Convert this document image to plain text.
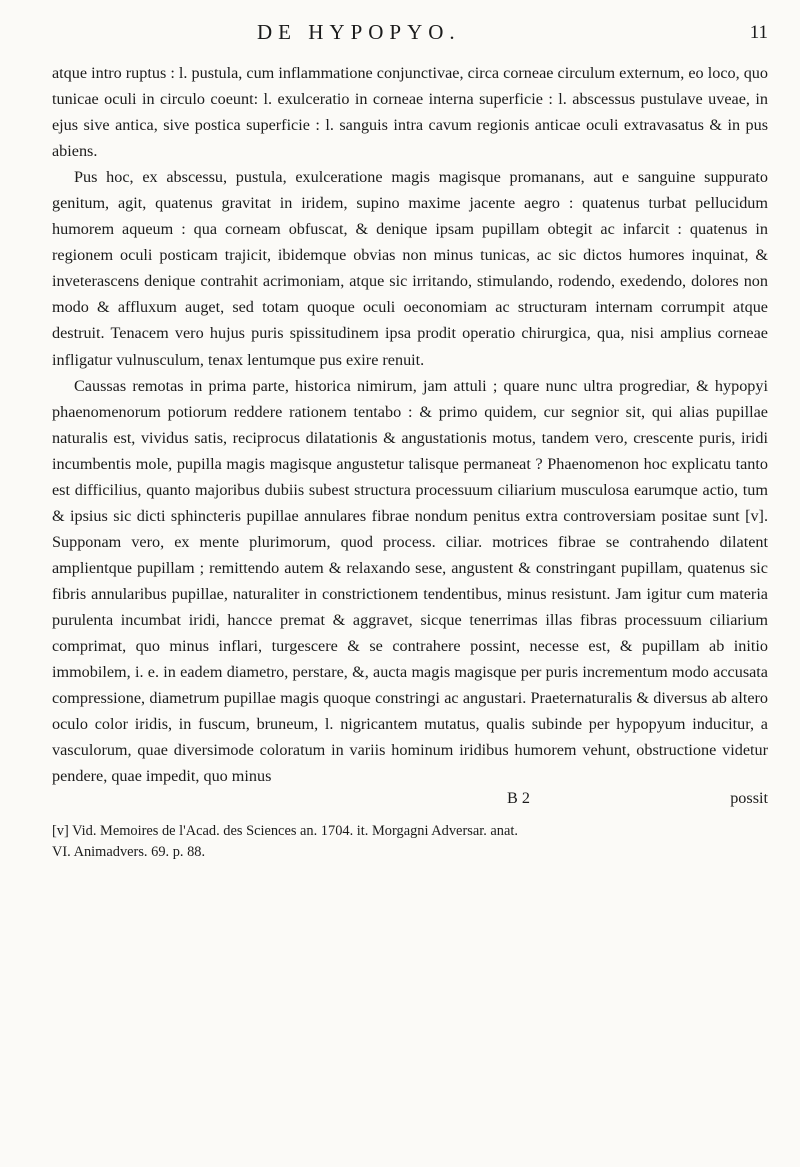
DE HYPOPYO.	11

atque intro ruptus : l. pustula, cum inflammatione conjunctivae, circa corneae circulum externum, eo loco, quo tunicae oculi in circulo coeunt: l. exulceratio in corneae interna superficie : l. abscessus pustulave uveae, in ejus sive antica, sive postica superficie : l. sanguis intra cavum regionis anticae oculi extravasatus & in pus abiens.

Pus hoc, ex abscessu, pustula, exulceratione magis magisque promanans, aut e sanguine suppurato genitum, agit, quatenus gravitat in iridem, supino maxime jacente aegro : quatenus turbat pellucidum humorem aqueum : qua corneam obfuscat, & denique ipsam pupillam obtegit ac infarcit : quatenus in regionem oculi posticam trajicit, ibidemque obvias non minus tunicas, ac sic dictos humores inquinat, & inveterascens denique contrahit acrimoniam, atque sic irritando, stimulando, rodendo, exedendo, dolores non modo & affluxum auget, sed totam quoque oculi oeconomiam ac structuram internam corrumpit atque destruit. Tenacem vero hujus puris spissitudinem ipsa prodit operatio chirurgica, qua, nisi amplius corneae infligatur vulnusculum, tenax lentumque pus exire renuit.

Caussas remotas in prima parte, historica nimirum, jam attuli ; quare nunc ultra progrediar, & hypopyi phaenomenorum potiorum reddere rationem tentabo : & primo quidem, cur segnior sit, qui alias pupillae naturalis est, vividus satis, reciprocus dilatationis & angustationis motus, tandem vero, crescente puris, iridi incumbentis mole, pupilla magis magisque angustetur talisque permaneat ? Phaenomenon hoc explicatu tanto est difficilius, quanto majoribus dubiis subest structura processuum ciliarium musculosa earumque actio, tum & ipsius sic dicti sphincteris pupillae annulares fibrae nondum penitus extra controversiam positae sunt [v]. Supponam vero, ex mente plurimorum, quod process. ciliar. motrices fibrae se contrahendo dilatent amplientque pupillam ; remittendo autem & relaxando sese, angustent & constringant pupillam, quatenus sic fibris annularibus pupillae, naturaliter in constrictionem tendentibus, minus resistunt. Jam igitur cum materia purulenta incumbat iridi, hancce premat & aggravet, sicque tenerrimas illas fibras processuum ciliarium comprimat, quo minus inflari, turgescere & se contrahere possint, necesse est, & pupillam ab initio immobilem, i. e. in eadem diametro, perstare, &, aucta magis magisque per puris incrementum modo accusata compressione, diametrum pupillae magis quoque constringi ac angustari. Praeternaturalis & diversus ab altero oculo color iridis, in fuscum, bruneum, l. nigricantem mutatus, qualis subinde per hypopyum inducitur, a vasculorum, quae diversimode coloratum in variis hominum iridibus humorem vehunt, obstructione videtur pendere, quae impedit, quo minus

B 2	possit
[v] Vid. Memoires de l'Acad. des Sciences an. 1704. it. Morgagni Adversar. anat.
VI. Animadvers. 69. p. 88.
